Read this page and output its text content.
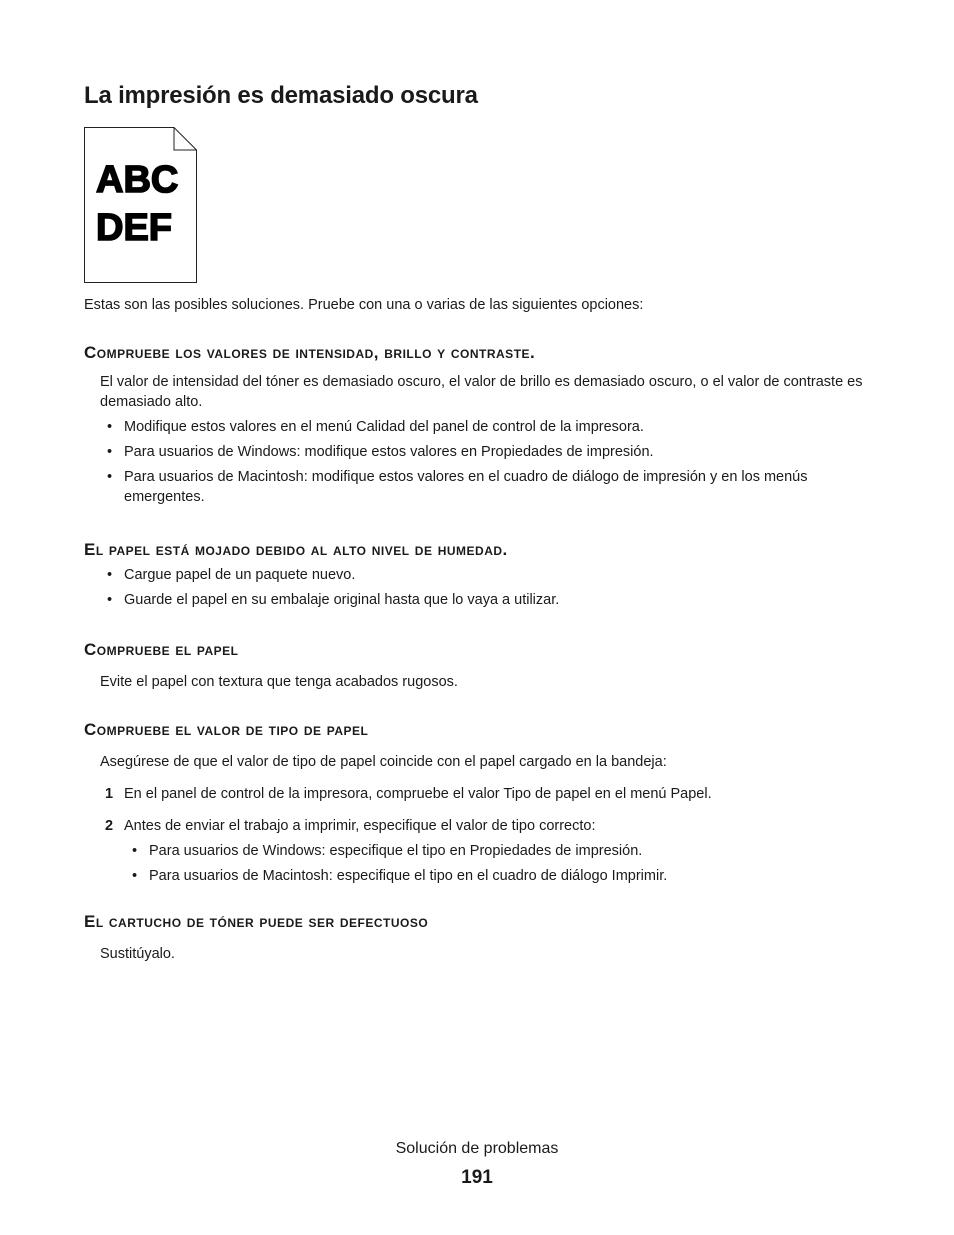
La impresión es demasiado oscura
ABC
DEF

Estas son las posibles soluciones. Pruebe con una o varias de las siguientes opciones:

Compruebe los valores de intensidad, brillo y contraste.

El valor de intensidad del tóner es demasiado oscuro, el valor de brillo es demasiado oscuro, o el valor de contraste es demasiado alto.

• Modifique estos valores en el menú Calidad del panel de control de la impresora.
• Para usuarios de Windows: modifique estos valores en Propiedades de impresión.
• Para usuarios de Macintosh: modifique estos valores en el cuadro de diálogo de impresión y en los menús emergentes.
El papel está mojado debido al alto nivel de humedad.
• Cargue papel de un paquete nuevo.
• Guarde el papel en su embalaje original hasta que lo vaya a utilizar.
Compruebe el papel

Evite el papel con textura que tenga acabados rugosos.

Compruebe el valor de tipo de papel

Asegúrese de que el valor de tipo de papel coincide con el papel cargado en la bandeja:

1 En el panel de control de la impresora, compruebe el valor Tipo de papel en el menú Papel.
2 Antes de enviar el trabajo a imprimir, especifique el valor de tipo correcto:
• Para usuarios de Windows: especifique el tipo en Propiedades de impresión.
• Para usuarios de Macintosh: especifique el tipo en el cuadro de diálogo Imprimir.
El cartucho de tóner puede ser defectuoso

Sustitúyalo.

Solución de problemas
191
